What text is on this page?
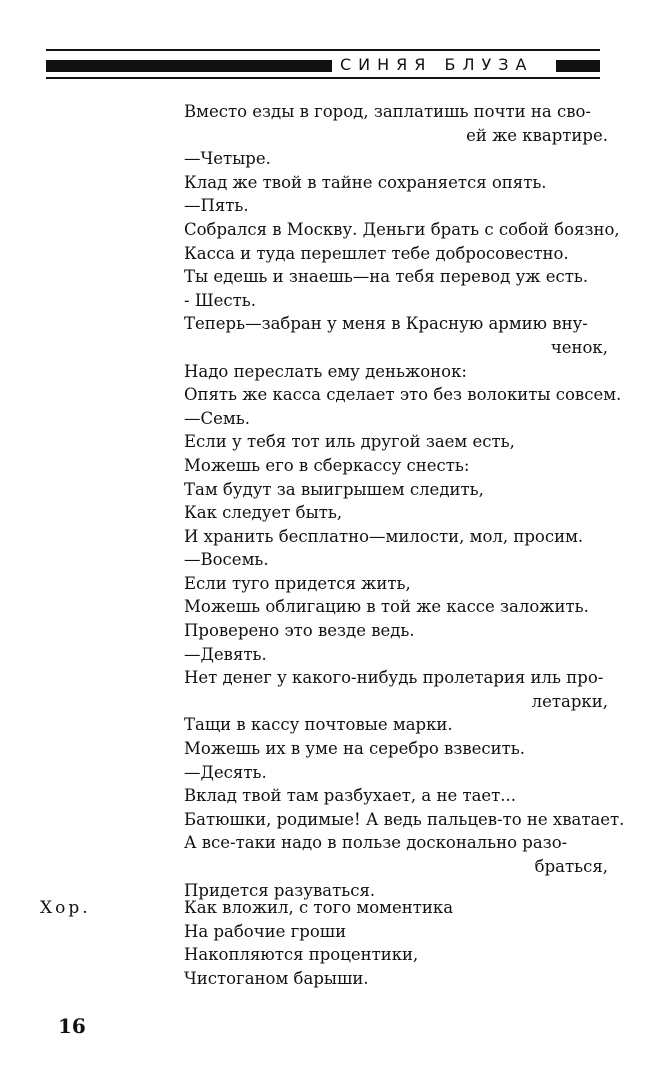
СИНЯЯ БЛУЗА
Вместо езды в город, заплатишь почти на сво-
ей же квартире.
—Четыре.
Клад же твой в тайне сохраняется опять.
—Пять.
Собрался в Москву. Деньги брать с собой боязно,
Касса и туда перешлет тебе добросовестно.
Ты едешь и знаешь—на тебя перевод уж есть.
- Шесть.
Теперь—забран у меня в Красную армию вну-
ченок,
Надо переслать ему деньжонок:
Опять же касса сделает это без волокиты совсем.
—Семь.
Если у тебя тот иль другой заем есть,
Можешь его в сберкассу снесть:
Там будут за выигрышем следить,
Как следует быть,
И хранить бесплатно—милости, мол, просим.
—Восемь.
Если туго придется жить,
Можешь облигацию в той же кассе заложить.
Проверено это везде ведь.
—Девять.
Нет денег у какого-нибудь пролетария иль про-
летарки,
Тащи в кассу почтовые марки.
Можешь их в уме на серебро взвесить.
—Десять.
Вклад твой там разбухает, а не тает...
Батюшки, родимые! А ведь пальцев-то не хватает.
А все-таки надо в пользе досконально разо-
браться,
Придется разуваться.
Хор.	Как вложил, с того моментика
На рабочие гроши
Накопляются процентики,
Чистоганом барыши.
16
